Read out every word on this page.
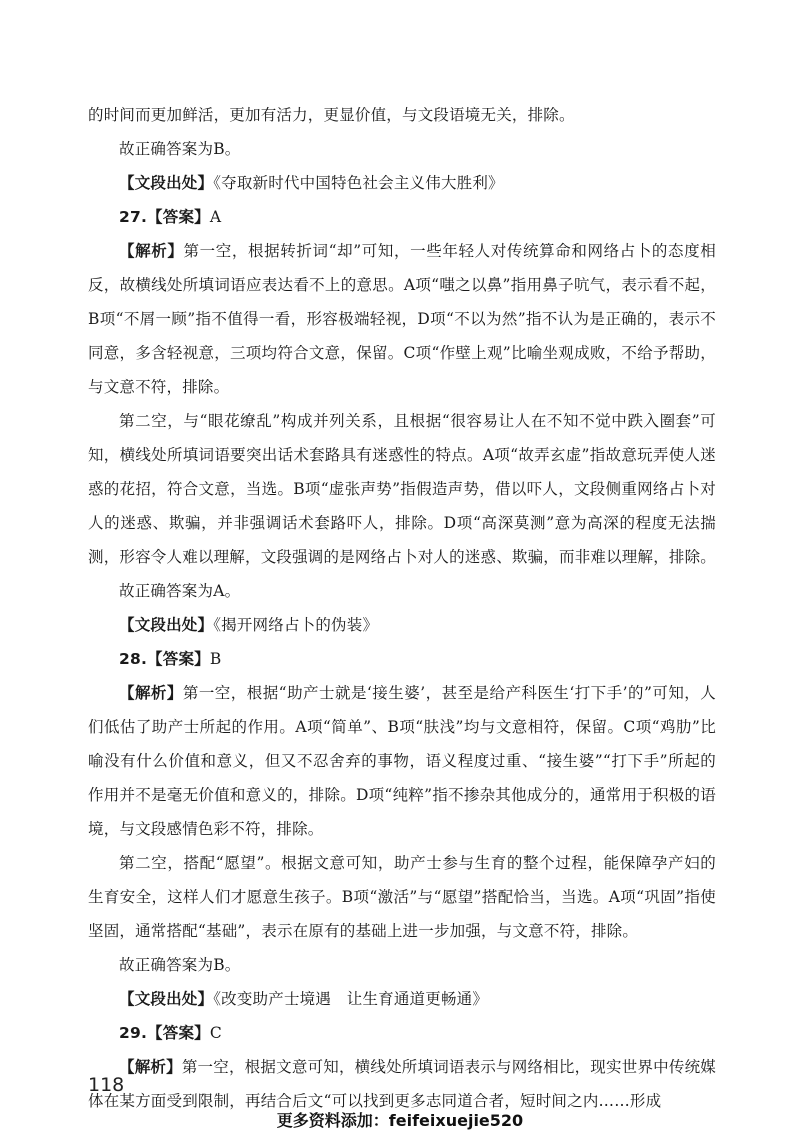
的时间而更加鲜活，更加有活力，更显价值，与文段语境无关，排除。

故正确答案为B。

【文段出处】《夺取新时代中国特色社会主义伟大胜利》

27.【答案】A

【解析】第一空，根据转折词“却”可知，一些年轻人对传统算命和网络占卜的态度相反，故横线处所填词语应表达看不上的意思。A项“嗤之以鼻”指用鼻子吭气，表示看不起，B项“不屑一顾”指不值得一看，形容极端轻视，D项“不以为然”指不认为是正确的，表示不同意，多含轻视意，三项均符合文意，保留。C项“作壁上观”比喻坐观成败，不给予帮助，与文意不符，排除。

第二空，与“眼花缭乱”构成并列关系，且根据“很容易让人在不知不觉中跌入圈套”可知，横线处所填词语要突出话术套路具有迷惑性的特点。A项“故弄玄虚”指故意玩弄使人迷惑的花招，符合文意，当选。B项“虚张声势”指假造声势，借以吓人，文段侧重网络占卜对人的迷惑、欺骗，并非强调话术套路吓人，排除。D项“高深莫测”意为高深的程度无法揣测，形容令人难以理解，文段强调的是网络占卜对人的迷惑、欺骗，而非难以理解，排除。

故正确答案为A。

【文段出处】《揭开网络占卜的伪装》

28.【答案】B

【解析】第一空，根据“助产士就是‘接生婆’，甚至是给产科医生‘打下手’的”可知，人们低估了助产士所起的作用。A项“简单”、B项“肤浅”均与文意相符，保留。C项“鸡肋”比喻没有什么价值和意义，但又不忍舍弃的事物，语义程度过重、“接生婆”“打下手”所起的作用并不是毫无价值和意义的，排除。D项“纯粹”指不掺杂其他成分的，通常用于积极的语境，与文段感情色彩不符，排除。

第二空，搭配“愿望”。根据文意可知，助产士参与生育的整个过程，能保障孕产妇的生育安全，这样人们才愿意生孩子。B项“激活”与“愿望”搭配恰当，当选。A项“巩固”指使坚固，通常搭配“基础”，表示在原有的基础上进一步加强，与文意不符，排除。

故正确答案为B。

【文段出处】《改变助产士境遇　让生育通道更畅通》

29.【答案】C

【解析】第一空，根据文意可知，横线处所填词语表示与网络相比，现实世界中传统媒体在某方面受到限制，再结合后文“可以找到更多志同道合者，短时间之内……形成

118
更多资料添加：feifeixuejie520
